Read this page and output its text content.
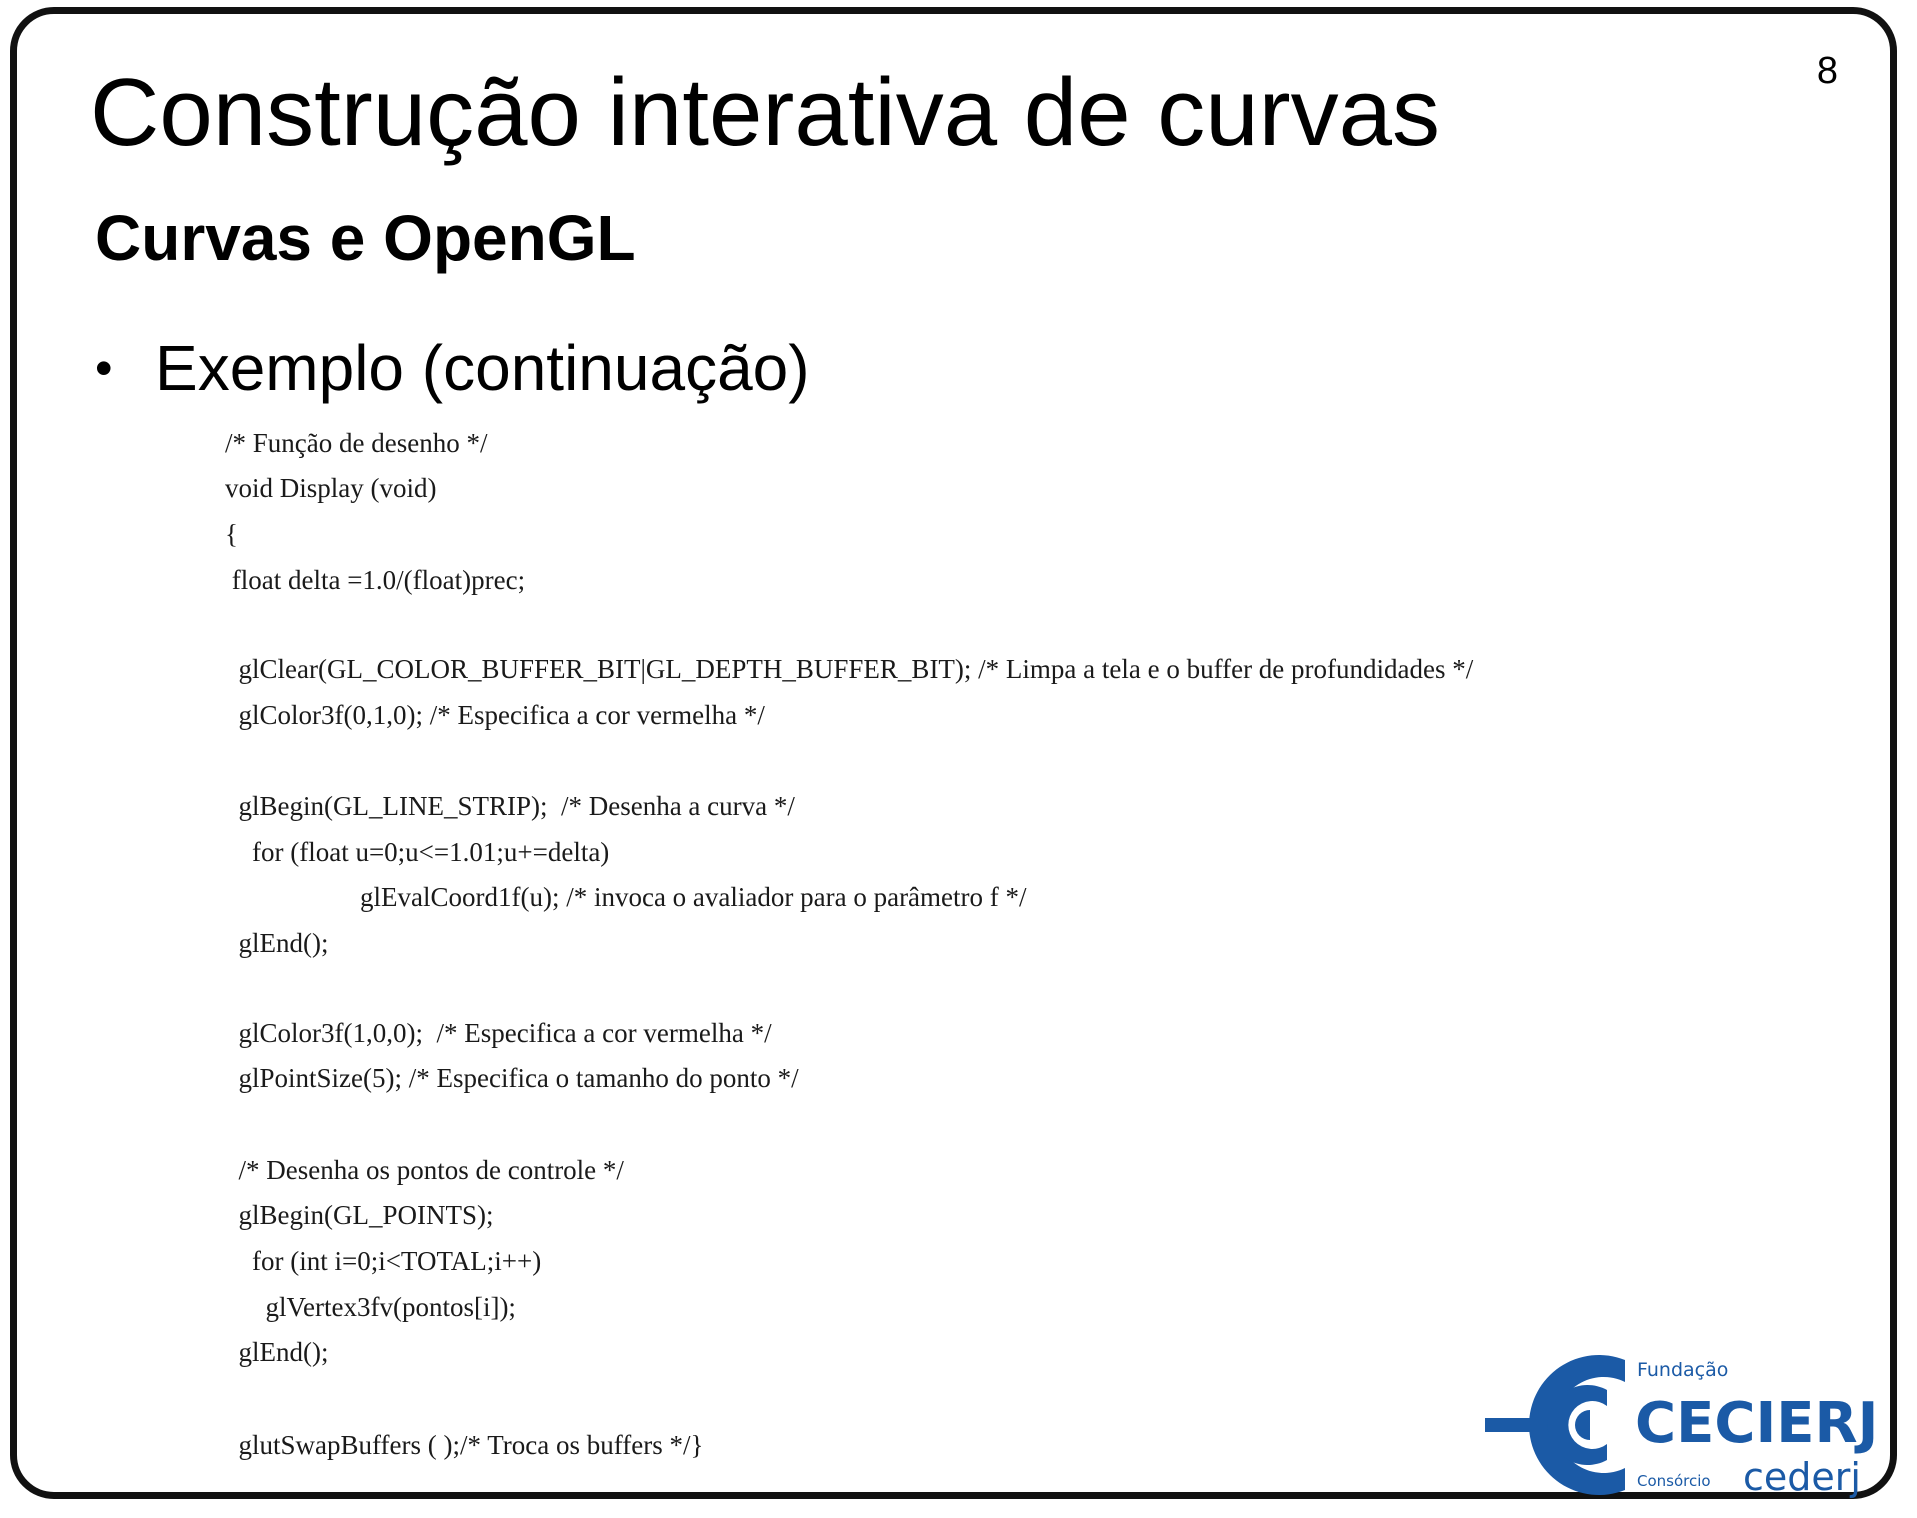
8
Construção interativa de curvas
Curvas e OpenGL
• Exemplo (continuação)
/* Função de desenho */
void Display (void)
{
float delta =1.0/(float)prec;
glClear(GL_COLOR_BUFFER_BIT|GL_DEPTH_BUFFER_BIT); /* Limpa a tela e o buffer de profundidades */
glColor3f(0,1,0); /* Especifica a cor vermelha */
glBegin(GL_LINE_STRIP);  /* Desenha a curva */
for (float u=0;u<=1.01;u+=delta)
glEvalCoord1f(u); /* invoca o avaliador para o parâmetro f */
glEnd();
glColor3f(1,0,0);  /* Especifica a cor vermelha */
glPointSize(5); /* Especifica o tamanho do ponto */
/* Desenha os pontos de controle */
glBegin(GL_POINTS);
for (int i=0;i<TOTAL;i++)
glVertex3fv(pontos[i]);
glEnd();
glutSwapBuffers ( );/* Troca os buffers */}
Fundação
CECIERJ
Consórcio cederj
